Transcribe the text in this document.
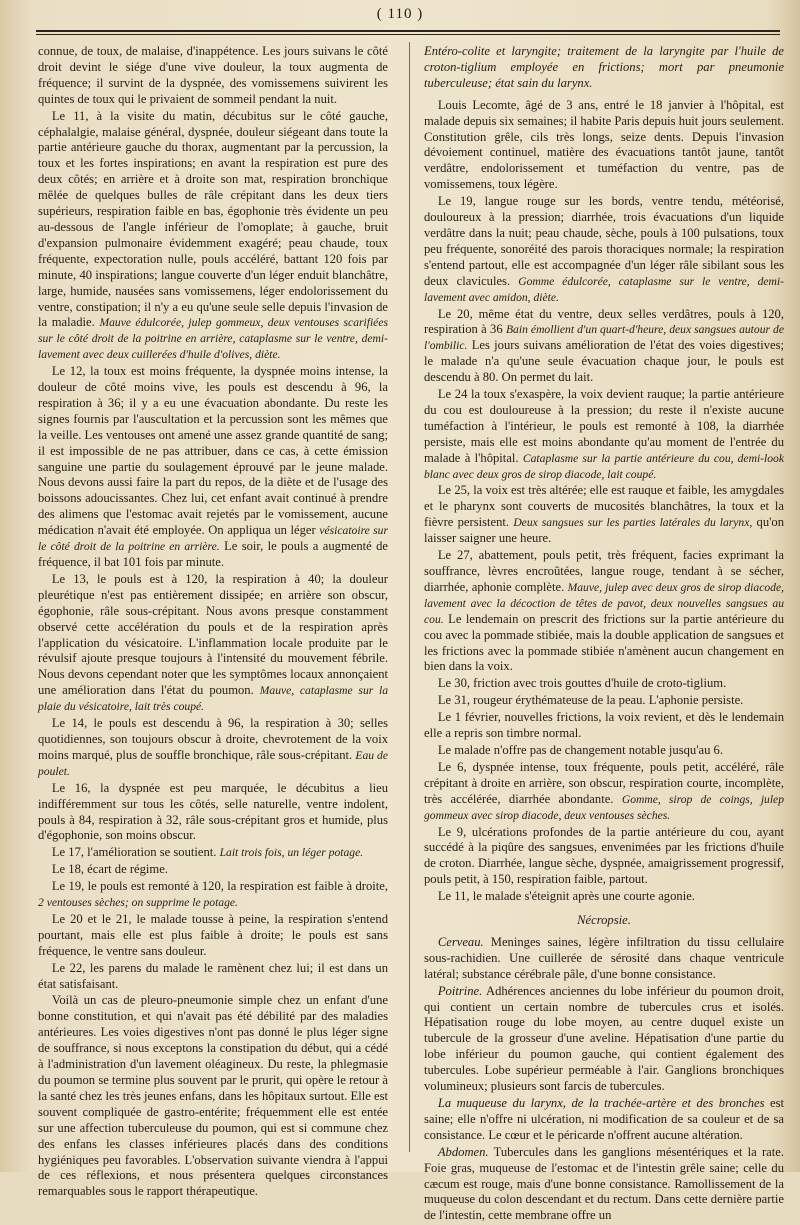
( 110 )

connue, de toux, de malaise, d'inappétence. Les jours suivans le côté droit devint le siége d'une vive douleur, la toux augmenta de fréquence; il survint de la dyspnée, des vomissemens suivirent les quintes de toux qui le privaient de sommeil pendant la nuit.

Le 11, à la visite du matin, décubitus sur le côté gauche, céphalalgie, malaise général, dyspnée, douleur siégeant dans toute la partie antérieure gauche du thorax, augmentant par la percussion, la toux et les fortes inspirations; en avant la respiration est pure des deux côtés; en arrière et à droite son mat, respiration bronchique mêlée de quelques bulles de râle crépitant dans les deux tiers supérieurs, respiration faible en bas, égophonie très évidente un peu au-dessous de l'angle inférieur de l'omoplate; à gauche, bruit d'expansion pulmonaire évidemment exagéré; peau chaude, toux fréquente, expectoration nulle, pouls accéléré, battant 120 fois par minute, 40 inspirations; langue couverte d'un léger enduit blanchâtre, large, humide, nausées sans vomissemens, léger endolorissement du ventre, constipation; il n'y a eu qu'une seule selle depuis l'invasion de la maladie. Mauve édulcorée, julep gommeux, deux ventouses scarifiées sur le côté droit de la poitrine en arrière, cataplasme sur le ventre, demi-lavement avec deux cuillerées d'huile d'olives, diète.

Le 12, la toux est moins fréquente, la dyspnée moins intense, la douleur de côté moins vive, les pouls est descendu à 96, la respiration à 36; il y a eu une évacuation abondante. Du reste les signes fournis par l'auscultation et la percussion sont les mêmes que la veille. Les ventouses ont amené une assez grande quantité de sang; il est impossible de ne pas attribuer, dans ce cas, à cette émission sanguine une partie du soulagement éprouvé par le jeune malade. Nous devons aussi faire la part du repos, de la diète et de l'usage des boissons adoucissantes. Chez lui, cet enfant avait continué à prendre des alimens que l'estomac avait rejetés par le vomissement, aucune médication n'avait été employée. On appliqua un léger vésicatoire sur le côté droit de la poitrine en arrière. Le soir, le pouls a augmenté de fréquence, il bat 101 fois par minute.

Le 13, le pouls est à 120, la respiration à 40; la douleur pleurétique n'est pas entièrement dissipée; en arrière son obscur, égophonie, râle sous-crépitant. Nous avons presque constamment observé cette accélération du pouls et de la respiration après l'application du vésicatoire. L'inflammation locale produite par le révulsif ajoute presque toujours à l'intensité du mouvement fébrile. Nous devons cependant noter que les symptômes locaux annonçaient une amélioration dans l'état du poumon. Mauve, cataplasme sur la plaie du vésicatoire, lait très coupé.

Le 14, le pouls est descendu à 96, la respiration à 30; selles quotidiennes, son toujours obscur à droite, chevrotement de la voix moins marqué, plus de souffle bronchique, râle sous-crépitant. Eau de poulet.

Le 16, la dyspnée est peu marquée, le décubitus a lieu indifféremment sur tous les côtés, selle naturelle, ventre indolent, pouls à 84, respiration à 32, râle sous-crépitant gros et humide, plus d'égophonie, son moins obscur.

Le 17, l'amélioration se soutient. Lait trois fois, un léger potage.

Le 18, écart de régime.

Le 19, le pouls est remonté à 120, la respiration est faible à droite, 2 ventouses sèches; on supprime le potage.

Le 20 et le 21, le malade tousse à peine, la respiration s'entend pourtant, mais elle est plus faible à droite; le pouls est sans fréquence, le ventre sans douleur.

Le 22, les parens du malade le ramènent chez lui; il est dans un état satisfaisant.

Voilà un cas de pleuro-pneumonie simple chez un enfant d'une bonne constitution, et qui n'avait pas été débilité par des maladies antérieures. Les voies digestives n'ont pas donné le plus léger signe de souffrance, si nous exceptons la constipation du début, qui a cédé à l'administration d'un lavement oléagineux. Du reste, la phlegmasie du poumon se termine plus souvent par le prurit, qui opère le retour à la santé chez les très jeunes enfans, dans les hôpitaux surtout. Elle est souvent compliquée de gastro-entérite; fréquemment elle est entée sur une affection tuberculeuse du poumon, qui est si commune chez des enfans les classes inférieures placés dans des conditions hygiéniques peu favorables. L'observation suivante viendra à l'appui de ces réflexions, et nous présentera quelques circonstances remarquables sous le rapport thérapeutique.

Entéro-colite et laryngite; traitement de la laryngite par l'huile de croton-tiglium employée en frictions; mort par pneumonie tuberculeuse; état sain du larynx.

Louis Lecomte, âgé de 3 ans, entré le 18 janvier à l'hôpital, est malade depuis six semaines; il habite Paris depuis huit jours seulement. Constitution grêle, cils très longs, seize dents. Depuis l'invasion dévoiement continuel, matière des évacuations tantôt jaune, tantôt verdâtre, endolorissement et tuméfaction du ventre, pas de vomissemens, toux légère.

Le 19, langue rouge sur les bords, ventre tendu, météorisé, douloureux à la pression; diarrhée, trois évacuations d'un liquide verdâtre dans la nuit; peau chaude, sèche, pouls à 100 pulsations, toux peu fréquente, sonoréité des parois thoraciques normale; la respiration s'entend partout, elle est accompagnée d'un léger râle sibilant sous les deux clavicules. Gomme édulcorée, cataplasme sur le ventre, demi-lavement avec amidon, diète.

Le 20, même état du ventre, deux selles verdâtres, pouls à 120, respiration à 36 Bain émollient d'un quart-d'heure, deux sangsues autour de l'ombilic. Les jours suivans amélioration de l'état des voies digestives; le malade n'a qu'une seule évacuation chaque jour, le pouls est descendu à 80. On permet du lait.

Le 24 la toux s'exaspère, la voix devient rauque; la partie antérieure du cou est douloureuse à la pression; du reste il n'existe aucune tuméfaction à l'intérieur, le pouls est remonté à 108, la diarrhée persiste, mais elle est moins abondante qu'au moment de l'entrée du malade à l'hôpital. Cataplasme sur la partie antérieure du cou, demi-look blanc avec deux gros de sirop diacode, lait coupé.

Le 25, la voix est très altérée; elle est rauque et faible, les amygdales et le pharynx sont couverts de mucosités blanchâtres, la toux et la fièvre persistent. Deux sangsues sur les parties latérales du larynx, qu'on laisser saigner une heure.

Le 27, abattement, pouls petit, très fréquent, facies exprimant la souffrance, lèvres encroûtées, langue rouge, tendant à se sécher, diarrhée, aphonie complète. Mauve, julep avec deux gros de sirop diacode, lavement avec la décoction de têtes de pavot, deux nouvelles sangsues au cou. Le lendemain on prescrit des frictions sur la partie antérieure du cou avec la pommade stibiée, mais la double application de sangsues et les frictions avec la pommade stibiée n'amènent aucun changement en bien dans la voix.

Le 30, friction avec trois gouttes d'huile de croto-tiglium.

Le 31, rougeur érythémateuse de la peau. L'aphonie persiste.

Le 1 février, nouvelles frictions, la voix revient, et dès le lendemain elle a repris son timbre normal.

Le malade n'offre pas de changement notable jusqu'au 6.

Le 6, dyspnée intense, toux fréquente, pouls petit, accéléré, râle crépitant à droite en arrière, son obscur, respiration courte, incomplète, très accélérée, diarrhée abondante. Gomme, sirop de coings, julep gommeux avec sirop diacode, deux ventouses sèches.

Le 9, ulcérations profondes de la partie antérieure du cou, ayant succédé à la piqûre des sangsues, envenimées par les frictions d'huile de croton. Diarrhée, langue sèche, dyspnée, amaigrissement progressif, pouls petit, à 150, respiration faible, partout.

Le 11, le malade s'éteignit après une courte agonie.

Nécropsie.

Cerveau. Meninges saines, légère infiltration du tissu cellulaire sous-rachidien. Une cuillerée de sérosité dans chaque ventricule latéral; substance cérébrale pâle, d'une bonne consistance.

Poitrine. Adhérences anciennes du lobe inférieur du poumon droit, qui contient un certain nombre de tubercules crus et isolés. Hépatisation rouge du lobe moyen, au centre duquel existe un tubercule de la grosseur d'une aveline. Hépatisation d'une partie du lobe inférieur du poumon gauche, qui contient également des tubercules. Lobe supérieur perméable à l'air. Ganglions bronchiques volumineux; plusieurs sont farcis de tubercules.

La muqueuse du larynx, de la trachée-artère et des bronches est saine; elle n'offre ni ulcération, ni modification de sa couleur et de sa consistance. Le cœur et le péricarde n'offrent aucune altération.

Abdomen. Tubercules dans les ganglions mésentériques et la rate. Foie gras, muqueuse de l'estomac et de l'intestin grêle saine; celle du cæcum est rouge, mais d'une bonne consistance. Ramollissement de la muqueuse du colon descendant et du rectum. Dans cette dernière partie de l'intestin, cette membrane offre un
